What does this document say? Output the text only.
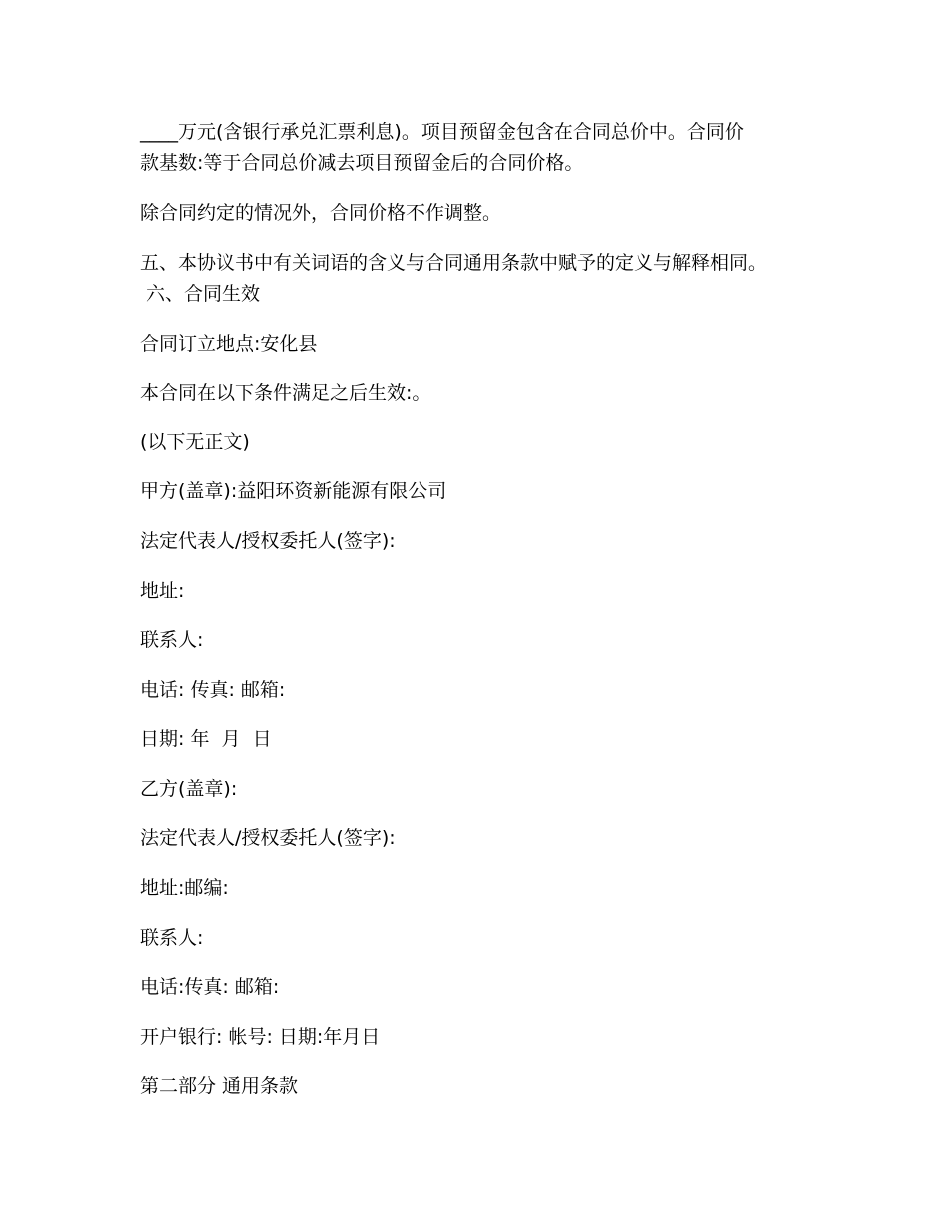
____万元(含银行承兑汇票利息)。项目预留金包含在合同总价中。合同价
款基数:等于合同总价减去项目预留金后的合同价格。
除合同约定的情况外，合同价格不作调整。
五、本协议书中有关词语的含义与合同通用条款中赋予的定义与解释相同。
六、合同生效
合同订立地点:安化县
本合同在以下条件满足之后生效:。
(以下无正文)
甲方(盖章):益阳环资新能源有限公司
法定代表人/授权委托人(签字):
地址:
联系人:
电话: 传真: 邮箱:
日期: 年  月  日
乙方(盖章):
法定代表人/授权委托人(签字):
地址:邮编:
联系人:
电话:传真: 邮箱:
开户银行: 帐号: 日期:年月日
第二部分 通用条款
